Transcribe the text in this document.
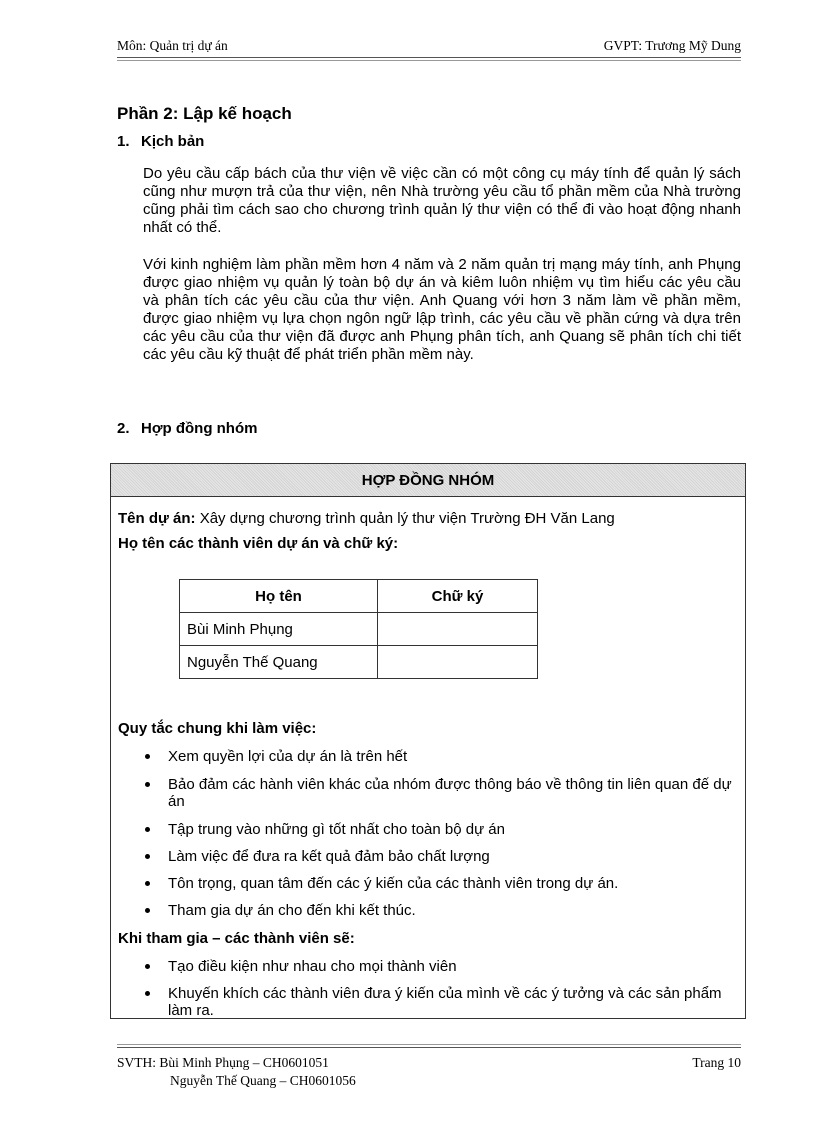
Môn: Quản trị dự án	GVPT: Trương Mỹ Dung
Phần 2: Lập kế hoạch
1. Kịch bản

Do yêu cầu cấp bách của thư viện về việc cần có một công cụ máy tính để quản lý sách cũng như mượn trả của thư viện, nên Nhà trường yêu cầu tổ phần mềm của Nhà trường cũng phải tìm cách sao cho chương trình quản lý thư viện có thể đi vào hoạt động nhanh nhất có thể.

Với kinh nghiệm làm phần mềm hơn 4 năm và 2 năm quản trị mạng máy tính, anh Phụng được giao nhiệm vụ quản lý toàn bộ dự án và kiêm luôn nhiệm vụ tìm hiểu các yêu cầu và phân tích các yêu cầu của thư viện. Anh Quang với hơn 3 năm làm về phần mềm, được giao nhiệm vụ lựa chọn ngôn ngữ lập trình, các yêu cầu về phần cứng và dựa trên các yêu cầu của thư viện đã được anh Phụng phân tích, anh Quang sẽ phân tích chi tiết các yêu cầu kỹ thuật để phát triển phần mềm này.

2. Hợp đồng nhóm
HỢP ĐỒNG NHÓM
Tên dự án: Xây dựng chương trình quản lý thư viện Trường ĐH Văn Lang
Họ tên các thành viên dự án và chữ ký:
Họ tên	Chữ ký
Bùi Minh Phụng	
Nguyễn Thế Quang	
Quy tắc chung khi làm việc:
Xem quyền lợi của dự án là trên hết
Bảo đảm các hành viên khác của nhóm được thông báo về thông tin liên quan đế dự án
Tập trung vào những gì tốt nhất cho toàn bộ dự án
Làm việc để đưa ra kết quả đảm bảo chất lượng
Tôn trọng, quan tâm đến các ý kiến của các thành viên trong dự án.
Tham gia dự án cho đến khi kết thúc.
Khi tham gia – các thành viên sẽ:
Tạo điều kiện như nhau cho mọi thành viên
Khuyến khích các thành viên đưa ý kiến của mình về các ý tưởng và các sản phẩm làm ra.
SVTH: Bùi Minh Phụng – CH0601051	Trang 10
Nguyễn Thế Quang – CH0601056
